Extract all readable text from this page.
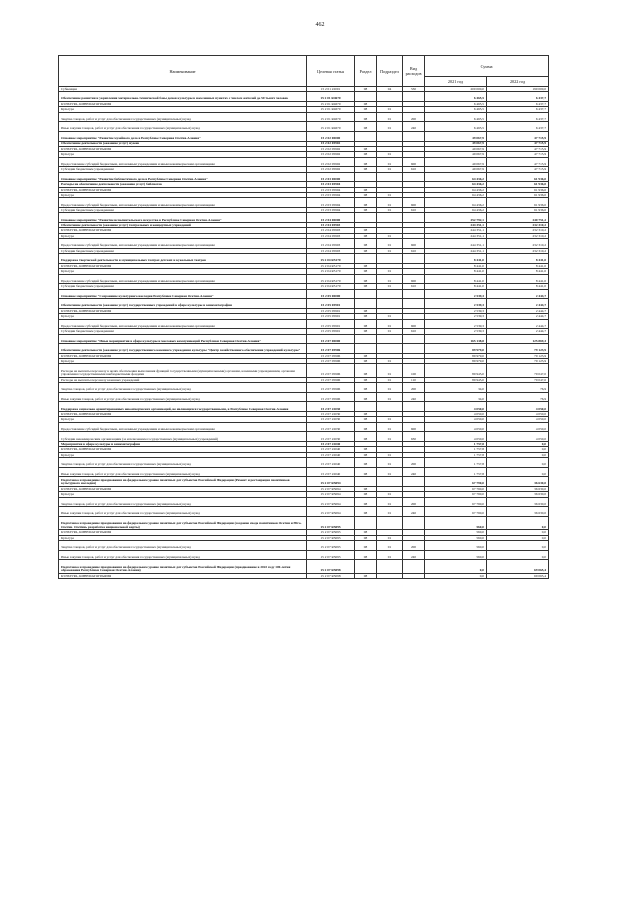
462
Наименование	Целевая статья	Раздел	Подраздел	Вид расходов	Сумма	
					2021 год	2022 год
Субвенции	15 2 01 22001	08	04	530	200 000,0	190 000,0
Обеспечение развития и укрепления материально-технической базы домов культуры в населенных пунктах с числом жителей до 50 тысяч человек	15 2 01 R4670				6 465,5	6 437,7
КУЛЬТУРА, КИНЕМАТОГРАФИЯ	15 2 01 R4670	08			6 465,5	6 437,7
Культура	15 2 01 R4670	08	01		6 465,5	6 437,7
Закупка товаров, работ и услуг для обеспечения государственных (муниципальных) нужд	15 2 01 R4670	08	01	200	6 465,5	6 437,7
Иные закупки товаров, работ и услуг для обеспечения государственных (муниципальных) нужд	15 2 01 R4670	08	01	240	6 465,5	6 437,7
Основное мероприятие "Развитие музейного дела в Республике Северная Осетия-Алания"	15 2 02 00000				49 067,9	47 715,9
Обеспечение деятельности (оказание услуг) музеев	15 2 02 05902				49 067,9	47 715,9
КУЛЬТУРА, КИНЕМАТОГРАФИЯ	15 2 02 05902	08			49 067,9	47 715,9
Культура	15 2 02 05902	08	01		49 067,9	47 715,9
Предоставление субсидий бюджетным, автономным учреждениям и иным некоммерческим организациям	15 2 02 05902	08	01	600	49 067,9	47 715,9
Субсидии бюджетным учреждениям	15 2 02 05902	08	01	610	49 067,9	47 715,9
Основное мероприятие "Развитие библиотечного дела в Республике Северная Осетия-Алания"	15 2 03 00000				64 436,2	61 936,0
Расходы на обеспечение деятельности (оказание услуг) библиотек	15 2 03 05904				64 436,2	61 936,0
КУЛЬТУРА, КИНЕМАТОГРАФИЯ	15 2 03 05904	08			64 436,2	61 936,0
Культура	15 2 03 05904	08	01		64 436,2	61 936,0
Предоставление субсидий бюджетным, автономным учреждениям и иным некоммерческим организациям	15 2 03 05904	08	01	600	64 436,2	61 936,0
Субсидии бюджетным учреждениям	15 2 03 05904	08	01	610	64 436,2	61 936,0
Основное мероприятие "Развитие исполнительского искусства в Республике Северная Осетия-Алания"	15 2 04 00000				252 792,1	240 751,2
Обеспечение деятельности (оказание услуг) театральных и концертных учреждений	15 2 04 05903				244 351,1	232 310,2
КУЛЬТУРА, КИНЕМАТОГРАФИЯ	15 2 04 05903	08			244 351,1	232 310,2
Культура	15 2 04 05903	08	01		244 351,1	232 310,2
Предоставление субсидий бюджетным, автономным учреждениям и иным некоммерческим организациям	15 2 04 05903	08	01	600	244 351,1	232 310,2
Субсидии бюджетным учреждениям	15 2 04 05903	08	01	610	244 351,1	232 310,2
Поддержка творческой деятельности в муниципальных театрах детских и кукольных театров	15 2 04 R5170				8 441,0	8 441,0
КУЛЬТУРА, КИНЕМАТОГРАФИЯ	15 2 04 R5170	08			8 441,0	8 441,0
Культура	15 2 04 R5170	08	01		8 441,0	8 441,0
Предоставление субсидий бюджетным, автономным учреждениям и иным некоммерческим организациям	15 2 04 R5170	08	01	600	8 441,0	8 441,0
Субсидии бюджетным учреждениям	15 2 04 R5170	08	01	610	8 441,0	8 441,0
Основное мероприятие "Сохранение культурного наследия Республики Северная Осетия-Алания"	15 2 05 00000				2 539,3	2 444,7
Обеспечение деятельности (оказание услуг) государственных учреждений в сфере культуры и кинематографии	15 2 05 05901				2 539,3	2 444,7
КУЛЬТУРА, КИНЕМАТОГРАФИЯ	15 2 05 05901	08			2 539,3	2 444,7
Культура	15 2 05 05901	08	01		2 539,3	2 444,7
Предоставление субсидий бюджетным, автономным учреждениям и иным некоммерческим организациям	15 2 05 05901	08	01	600	2 539,3	2 444,7
Субсидии бюджетным учреждениям	15 2 05 05901	08	01	610	2 539,3	2 444,7
Основное мероприятие "Иные мероприятия в сфере культуры и массовых коммуникаций Республики Северная Осетия-Алания"	15 2 07 00000				165 138,8	125 869,3
Обеспечение деятельности (оказание услуг) государственного казенного учреждения культуры "Центр хозяйственного обеспечения учреждений культуры"	15 2 07 05906				89 979,0	79 123,9
КУЛЬТУРА, КИНЕМАТОГРАФИЯ	15 2 07 05906	08			89 979,0	79 123,9
Культура	15 2 07 05906	08	01		89 979,0	79 123,9
Расходы на выплаты персоналу в целях обеспечения выполнения функций государственными (муниципальными) органами, казенными учреждениями, органами управления государственными внебюджетными фондами	15 2 07 05906	08	01	100	89 945,0	79 047,0
Расходы на выплаты персоналу казенных учреждений	15 2 07 05906	08	01	110	89 945,0	79 047,0
Закупка товаров, работ и услуг для обеспечения государственных (муниципальных) нужд	15 2 07 05906	08	01	200	34,0	76,9
Иные закупки товаров, работ и услуг для обеспечения государственных (муниципальных) нужд	15 2 07 05906	08	01	240	34,0	76,9
Поддержка социально ориентированных некоммерческих организаций, не являющихся государственными, в Республике Северная Осетия-Алания	15 2 07 22030				4 050,0	4 050,0
КУЛЬТУРА, КИНЕМАТОГРАФИЯ	15 2 07 22030	08			4 050,0	4 050,0
Культура	15 2 07 22030	08	01		4 050,0	4 050,0
Предоставление субсидий бюджетным, автономным учреждениям и иным некоммерческим организациям	15 2 07 22030	08	01	600	4 050,0	4 050,0
Субсидии некоммерческим организациям (за исключением государственных (муниципальных) учреждений)	15 2 07 22030	08	01	630	4 050,0	4 050,0
Мероприятия в сфере культуры и кинематографии	15 2 07 22040				1 757,8	0,0
КУЛЬТУРА, КИНЕМАТОГРАФИЯ	15 2 07 22040	08			1 757,8	0,0
Культура	15 2 07 22040	08	01		1 757,8	0,0
Закупка товаров, работ и услуг для обеспечения государственных (муниципальных) нужд	15 2 07 22040	08	01	200	1 757,8	0,0
Иные закупки товаров, работ и услуг для обеспечения государственных (муниципальных) нужд	15 2 07 22040	08	01	240	1 757,8	0,0
Подготовка и проведение празднования на федеральном уровне памятных дат субъектов Российской Федерации (Ремонт и реставрация памятников культурного наследия)	15 2 07 R5094				67 790,0	36 630,0
КУЛЬТУРА, КИНЕМАТОГРАФИЯ	15 2 07 R5094	08			67 790,0	36 630,0
Культура	15 2 07 R5094	08	01		67 790,0	36 630,0
Закупка товаров, работ и услуг для обеспечения государственных (муниципальных) нужд	15 2 07 R5094	08	01	200	67 790,0	36 630,0
Иные закупки товаров, работ и услуг для обеспечения государственных (муниципальных) нужд	15 2 07 R5094	08	01	240	67 790,0	36 630,0
Подготовка и проведение празднования на федеральном уровне памятных дат субъектов Российской Федерации (создание свода памятников Осетии и Юго-Осетии. Осетинь разработка национальной карты)	15 2 07 R5095				560,0	0,0
КУЛЬТУРА, КИНЕМАТОГРАФИЯ	15 2 07 R5095	08			560,0	0,0
Культура	15 2 07 R5095	08	01		560,0	0,0
Закупка товаров, работ и услуг для обеспечения государственных (муниципальных) нужд	15 2 07 R5095	08	01	200	560,0	0,0
Иные закупки товаров, работ и услуг для обеспечения государственных (муниципальных) нужд	15 2 07 R5095	08	01	240	560,0	0,0
Подготовка и проведение празднования на федеральном уровне памятных дат субъектов Российской Федерации (празднование в 2022 году 100-летия образования Республики Северная Осетия-Алания)	15 2 07 R5098				0,0	69 065,4
КУЛЬТУРА, КИНЕМАТОГРАФИЯ	15 2 07 R5098	08			0,0	69 065,4
